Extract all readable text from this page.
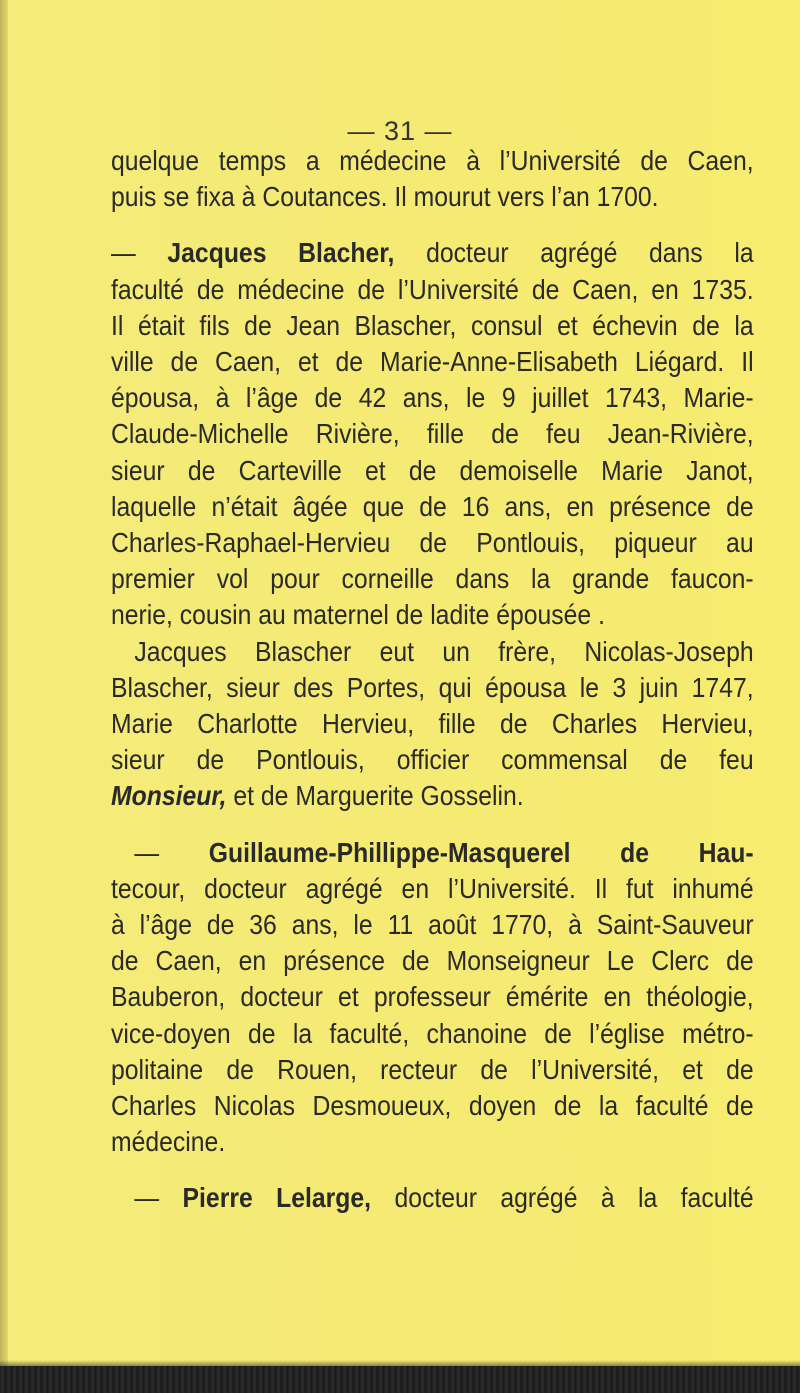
— 31 —

quelque temps a médecine à l’Université de Caen,
puis se fixa à Coutances. Il mourut vers l’an 1700.

— Jacques Blacher, docteur agrégé dans la
faculté de médecine de l’Université de Caen, en 1735.
Il était fils de Jean Blascher, consul et échevin de la
ville de Caen, et de Marie-Anne-Elisabeth Liégard. Il
épousa, à l’âge de 42 ans, le 9 juillet 1743, Marie-
Claude-Michelle Rivière, fille de feu Jean-Rivière,
sieur de Carteville et de demoiselle Marie Janot,
laquelle n’était âgée que de 16 ans, en présence de
Charles-Raphael-Hervieu de Pontlouis, piqueur au
premier vol pour corneille dans la grande faucon-
nerie, cousin au maternel de ladite épousée .
Jacques Blascher eut un frère, Nicolas-Joseph
Blascher, sieur des Portes, qui épousa le 3 juin 1747,
Marie Charlotte Hervieu, fille de Charles Hervieu,
sieur de Pontlouis, officier commensal de feu
Monsieur, et de Marguerite Gosselin.

— Guillaume-Phillippe-Masquerel de Hau-
tecour, docteur agrégé en l’Université. Il fut inhumé
à l’âge de 36 ans, le 11 août 1770, à Saint-Sauveur
de Caen, en présence de Monseigneur Le Clerc de
Bauberon, docteur et professeur émérite en théologie,
vice-doyen de la faculté, chanoine de l’église métro-
politaine de Rouen, recteur de l’Université, et de
Charles Nicolas Desmoueux, doyen de la faculté de
médecine.

— Pierre Lelarge, docteur agrégé à la faculté
